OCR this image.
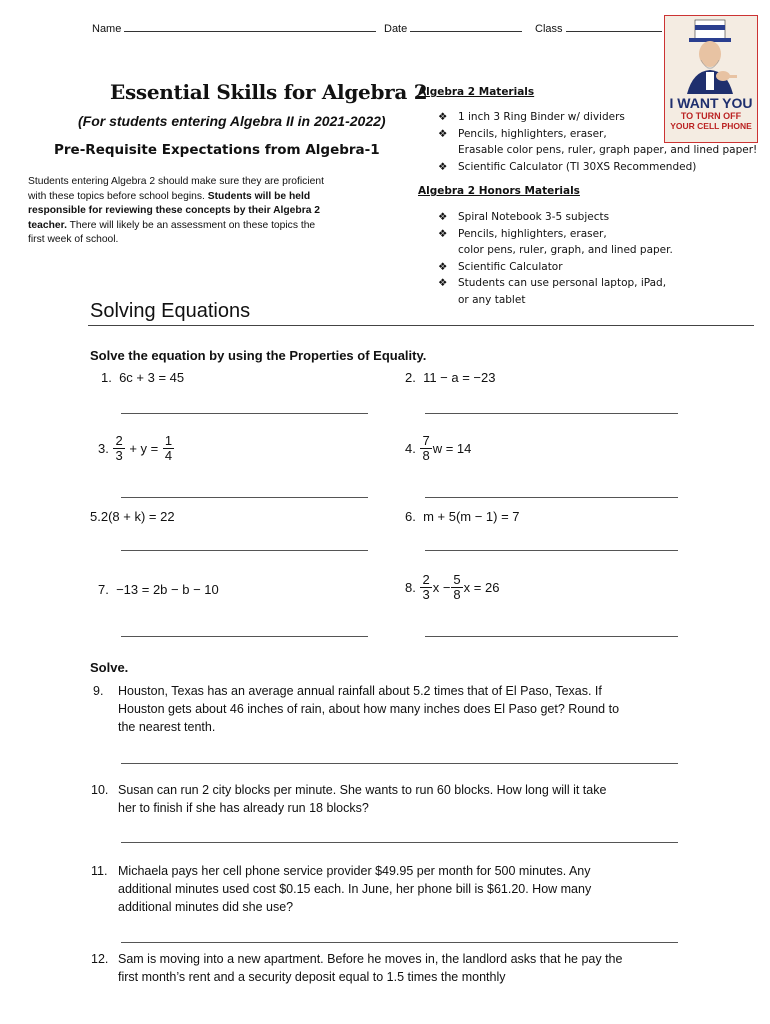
Name	Date	Class
I WANT YOU
TO TURN OFF
YOUR CELL PHONE
Essential Skills for Algebra 2
(For students entering Algebra II in 2021-2022)
Pre-Requisite Expectations from Algebra-1
Students entering Algebra 2 should make sure they are proficient with these topics before school begins. Students will be held responsible for reviewing these concepts by their Algebra 2 teacher. There will likely be an assessment on these topics the first week of school.
Algebra 2 Materials
❖ 1 inch 3 Ring Binder w/ dividers
❖ Pencils, highlighters, eraser,
Erasable color pens, ruler, graph paper, and lined paper!
❖ Scientific Calculator (TI 30XS Recommended)
Algebra 2 Honors Materials
❖ Spiral Notebook 3-5 subjects
❖ Pencils, highlighters, eraser,
color pens, ruler, graph, and lined paper.
❖ Scientific Calculator
❖ Students can use personal laptop, iPad,
or any tablet
Solving Equations
Solve the equation by using the Properties of Equality.
1. 6c + 3 = 45	2. 11 − a = −23
3.
$\frac{2}{3}$
+ y =
$\frac{1}{4}$	4.
$\frac{7}{8}$ w = 14
5.2(8 + k) = 22	6. m + 5(m − 1) = 7
7. −13 = 2b − b − 10	8.
$\frac{2}{3}$ $x - \frac{5}{8}$ x = 26
Solve.
9. Houston, Texas has an average annual rainfall about 5.2 times that of El Paso, Texas. If Houston gets about 46 inches of rain, about how many inches does El Paso get? Round to the nearest tenth.
10. Susan can run 2 city blocks per minute. She wants to run 60 blocks. How long will it take her to finish if she has already run 18 blocks?
11. Michaela pays her cell phone service provider $49.95 per month for 500 minutes. Any additional minutes used cost $0.15 each. In June, her phone bill is $61.20. How many additional minutes did she use?
12. Sam is moving into a new apartment. Before he moves in, the landlord asks that he pay the first month’s rent and a security deposit equal to 1.5 times the monthly
